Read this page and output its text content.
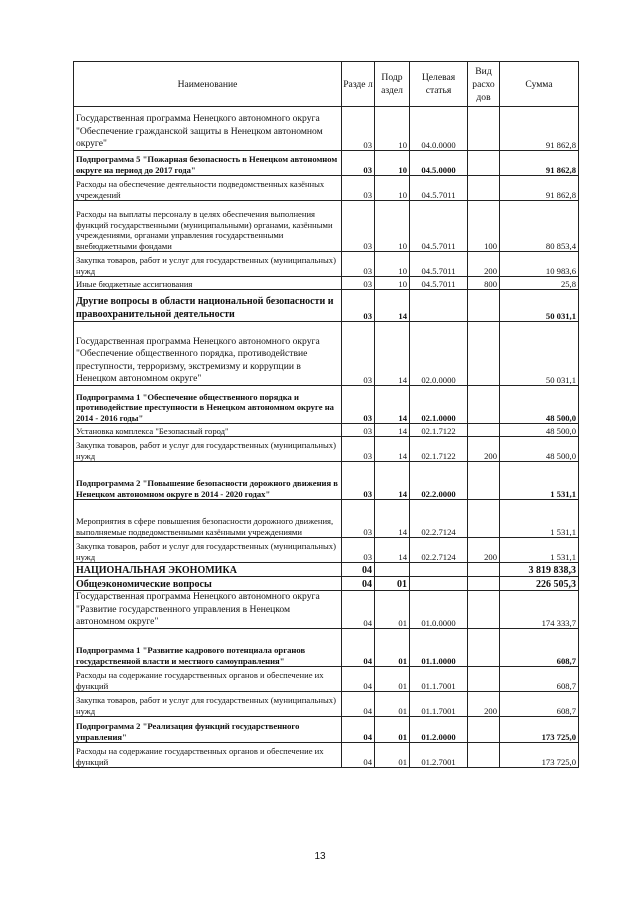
Наименование	Разде л	Подр аздел	Целевая статья	Вид расхо дов	Сумма
Государственная программа Ненецкого автономного округа "Обеспечение гражданской защиты в Ненецком автономном округе"	03	10	04.0.0000		91 862,8
Подпрограмма 5 "Пожарная безопасность в Ненецком автономном округе на период до 2017 года"	03	10	04.5.0000		91 862,8
Расходы на обеспечение деятельности подведомственных казённых учреждений	03	10	04.5.7011		91 862,8
Расходы на выплаты персоналу в целях обеспечения выполнения функций государственными (муниципальными) органами, казёнными учреждениями, органами управления государственными внебюджетными фондами	03	10	04.5.7011	100	80 853,4
Закупка товаров, работ и услуг для государственных (муниципальных) нужд	03	10	04.5.7011	200	10 983,6
Иные бюджетные ассигнования	03	10	04.5.7011	800	25,8
Другие вопросы в области национальной безопасности и правоохранительной деятельности	03	14			50 031,1
Государственная программа Ненецкого автономного округа "Обеспечение общественного порядка, противодействие преступности, терроризму, экстремизму и коррупции в Ненецком автономном округе"	03	14	02.0.0000		50 031,1
Подпрограмма 1 "Обеспечение общественного порядка и противодействие преступности в Ненецком автономном округе на 2014 - 2016 годы"	03	14	02.1.0000		48 500,0
Установка комплекса "Безопасный город"	03	14	02.1.7122		48 500,0
Закупка товаров, работ и услуг для государственных (муниципальных) нужд	03	14	02.1.7122	200	48 500,0
Подпрограмма 2 "Повышение безопасности дорожного движения в Ненецком автономном округе в 2014 - 2020 годах"	03	14	02.2.0000		1 531,1
Мероприятия в сфере повышения безопасности дорожного движения, выполняемые подведомственными казёнными учреждениями	03	14	02.2.7124		1 531,1
Закупка товаров, работ и услуг для государственных (муниципальных) нужд	03	14	02.2.7124	200	1 531,1
НАЦИОНАЛЬНАЯ ЭКОНОМИКА	04				3 819 838,3
Общеэкономические вопросы	04	01			226 505,3
Государственная программа Ненецкого автономного округа "Развитие государственного управления в Ненецком автономном округе"	04	01	01.0.0000		174 333,7
Подпрограмма 1 "Развитие кадрового потенциала органов государственной власти и местного самоуправления"	04	01	01.1.0000		608,7
Расходы на содержание государственных органов и обеспечение их функций	04	01	01.1.7001		608,7
Закупка товаров, работ и услуг для государственных (муниципальных) нужд	04	01	01.1.7001	200	608,7
Подпрограмма 2 "Реализация функций государственного управления"	04	01	01.2.0000		173 725,0
Расходы на содержание государственных органов и обеспечение их функций	04	01	01.2.7001		173 725,0
13
